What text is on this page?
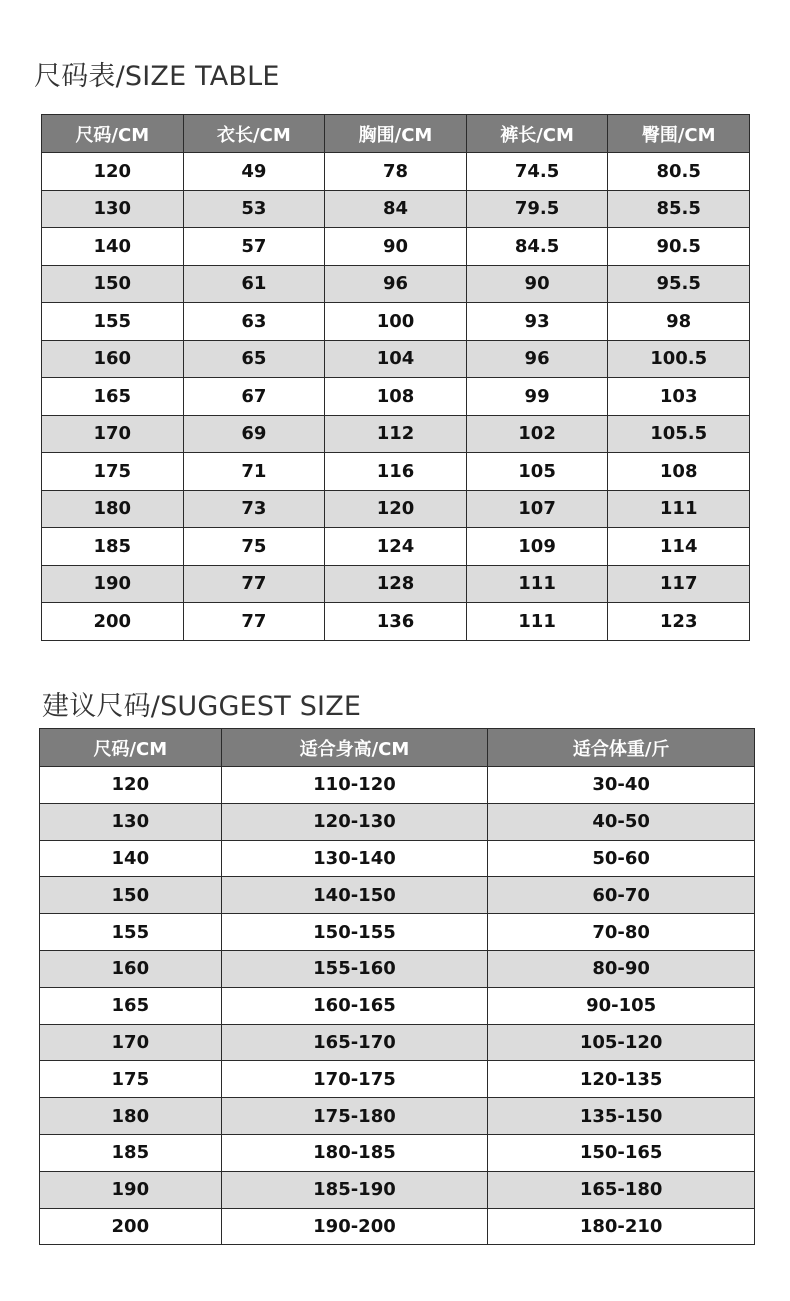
尺码表/SIZE TABLE
尺码/CM	衣长/CM	胸围/CM	裤长/CM	臀围/CM
120	49	78	74.5	80.5
130	53	84	79.5	85.5
140	57	90	84.5	90.5
150	61	96	90	95.5
155	63	100	93	98
160	65	104	96	100.5
165	67	108	99	103
170	69	112	102	105.5
175	71	116	105	108
180	73	120	107	111
185	75	124	109	114
190	77	128	111	117
200	77	136	111	123
建议尺码/SUGGEST SIZE
尺码/CM	适合身高/CM	适合体重/斤
120	110-120	30-40
130	120-130	40-50
140	130-140	50-60
150	140-150	60-70
155	150-155	70-80
160	155-160	80-90
165	160-165	90-105
170	165-170	105-120
175	170-175	120-135
180	175-180	135-150
185	180-185	150-165
190	185-190	165-180
200	190-200	180-210
